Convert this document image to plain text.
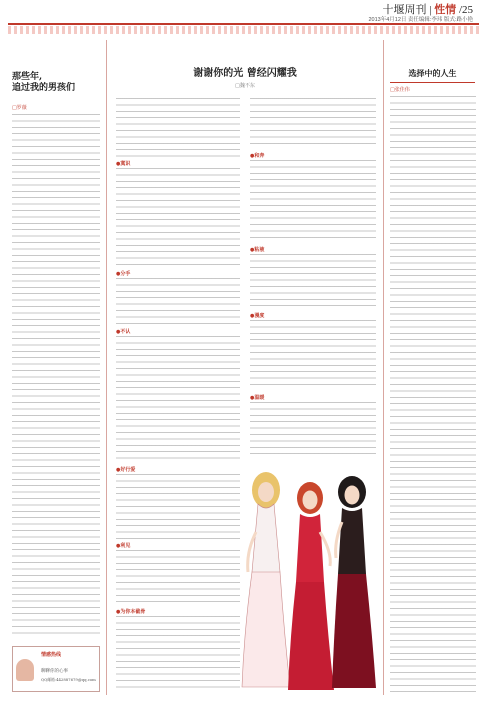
十堰周刊 | 性情 /25
2013年4月12日 责任编辑:李玮 版式:路小艳
那些年,
追过我的男孩们
□罗薇
情感热线
聊聊你的心事
QQ邮箱:442887679@qq.com
谢谢你的光 曾经闪耀我
□魏不东
●寞识
●分手
●不认
●好行爱
●利见
●为你本截骨
●和奔
●粘液
●漫度
●温暖
选择中的人生
□张佳伟
